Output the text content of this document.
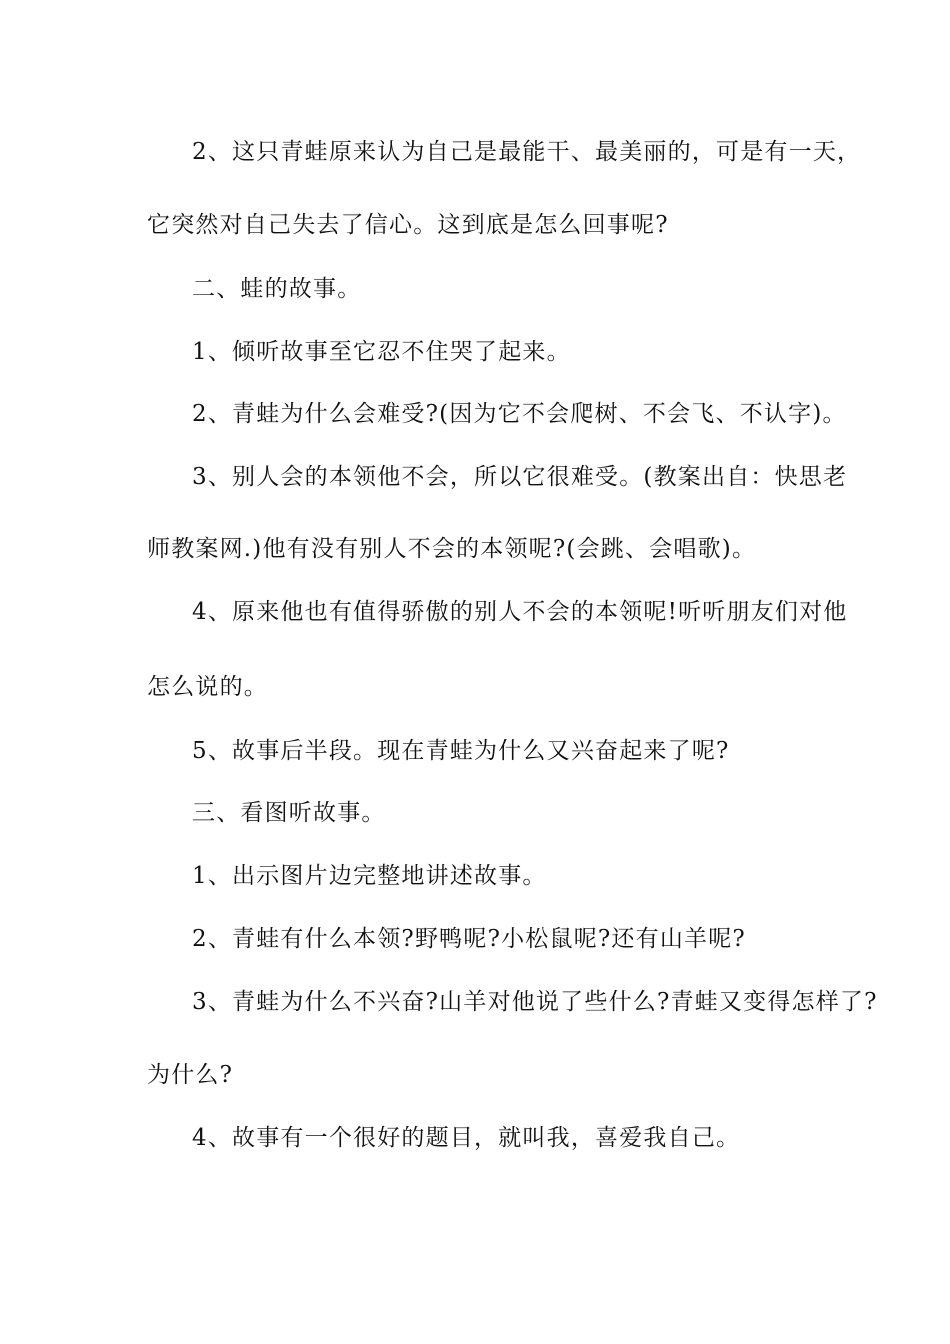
2、这只青蛙原来认为自己是最能干、最美丽的，可是有一天，
它突然对自己失去了信心。这到底是怎么回事呢?
二、蛙的故事。
1、倾听故事至它忍不住哭了起来。
2、青蛙为什么会难受?(因为它不会爬树、不会飞、不认字)。
3、别人会的本领他不会，所以它很难受。(教案出自：快思老
师教案网.)他有没有别人不会的本领呢?(会跳、会唱歌)。
4、原来他也有值得骄傲的别人不会的本领呢!听听朋友们对他
怎么说的。
5、故事后半段。现在青蛙为什么又兴奋起来了呢?
三、看图听故事。
1、出示图片边完整地讲述故事。
2、青蛙有什么本领?野鸭呢?小松鼠呢?还有山羊呢?
3、青蛙为什么不兴奋?山羊对他说了些什么?青蛙又变得怎样了?
为什么?
4、故事有一个很好的题目，就叫我，喜爱我自己。
